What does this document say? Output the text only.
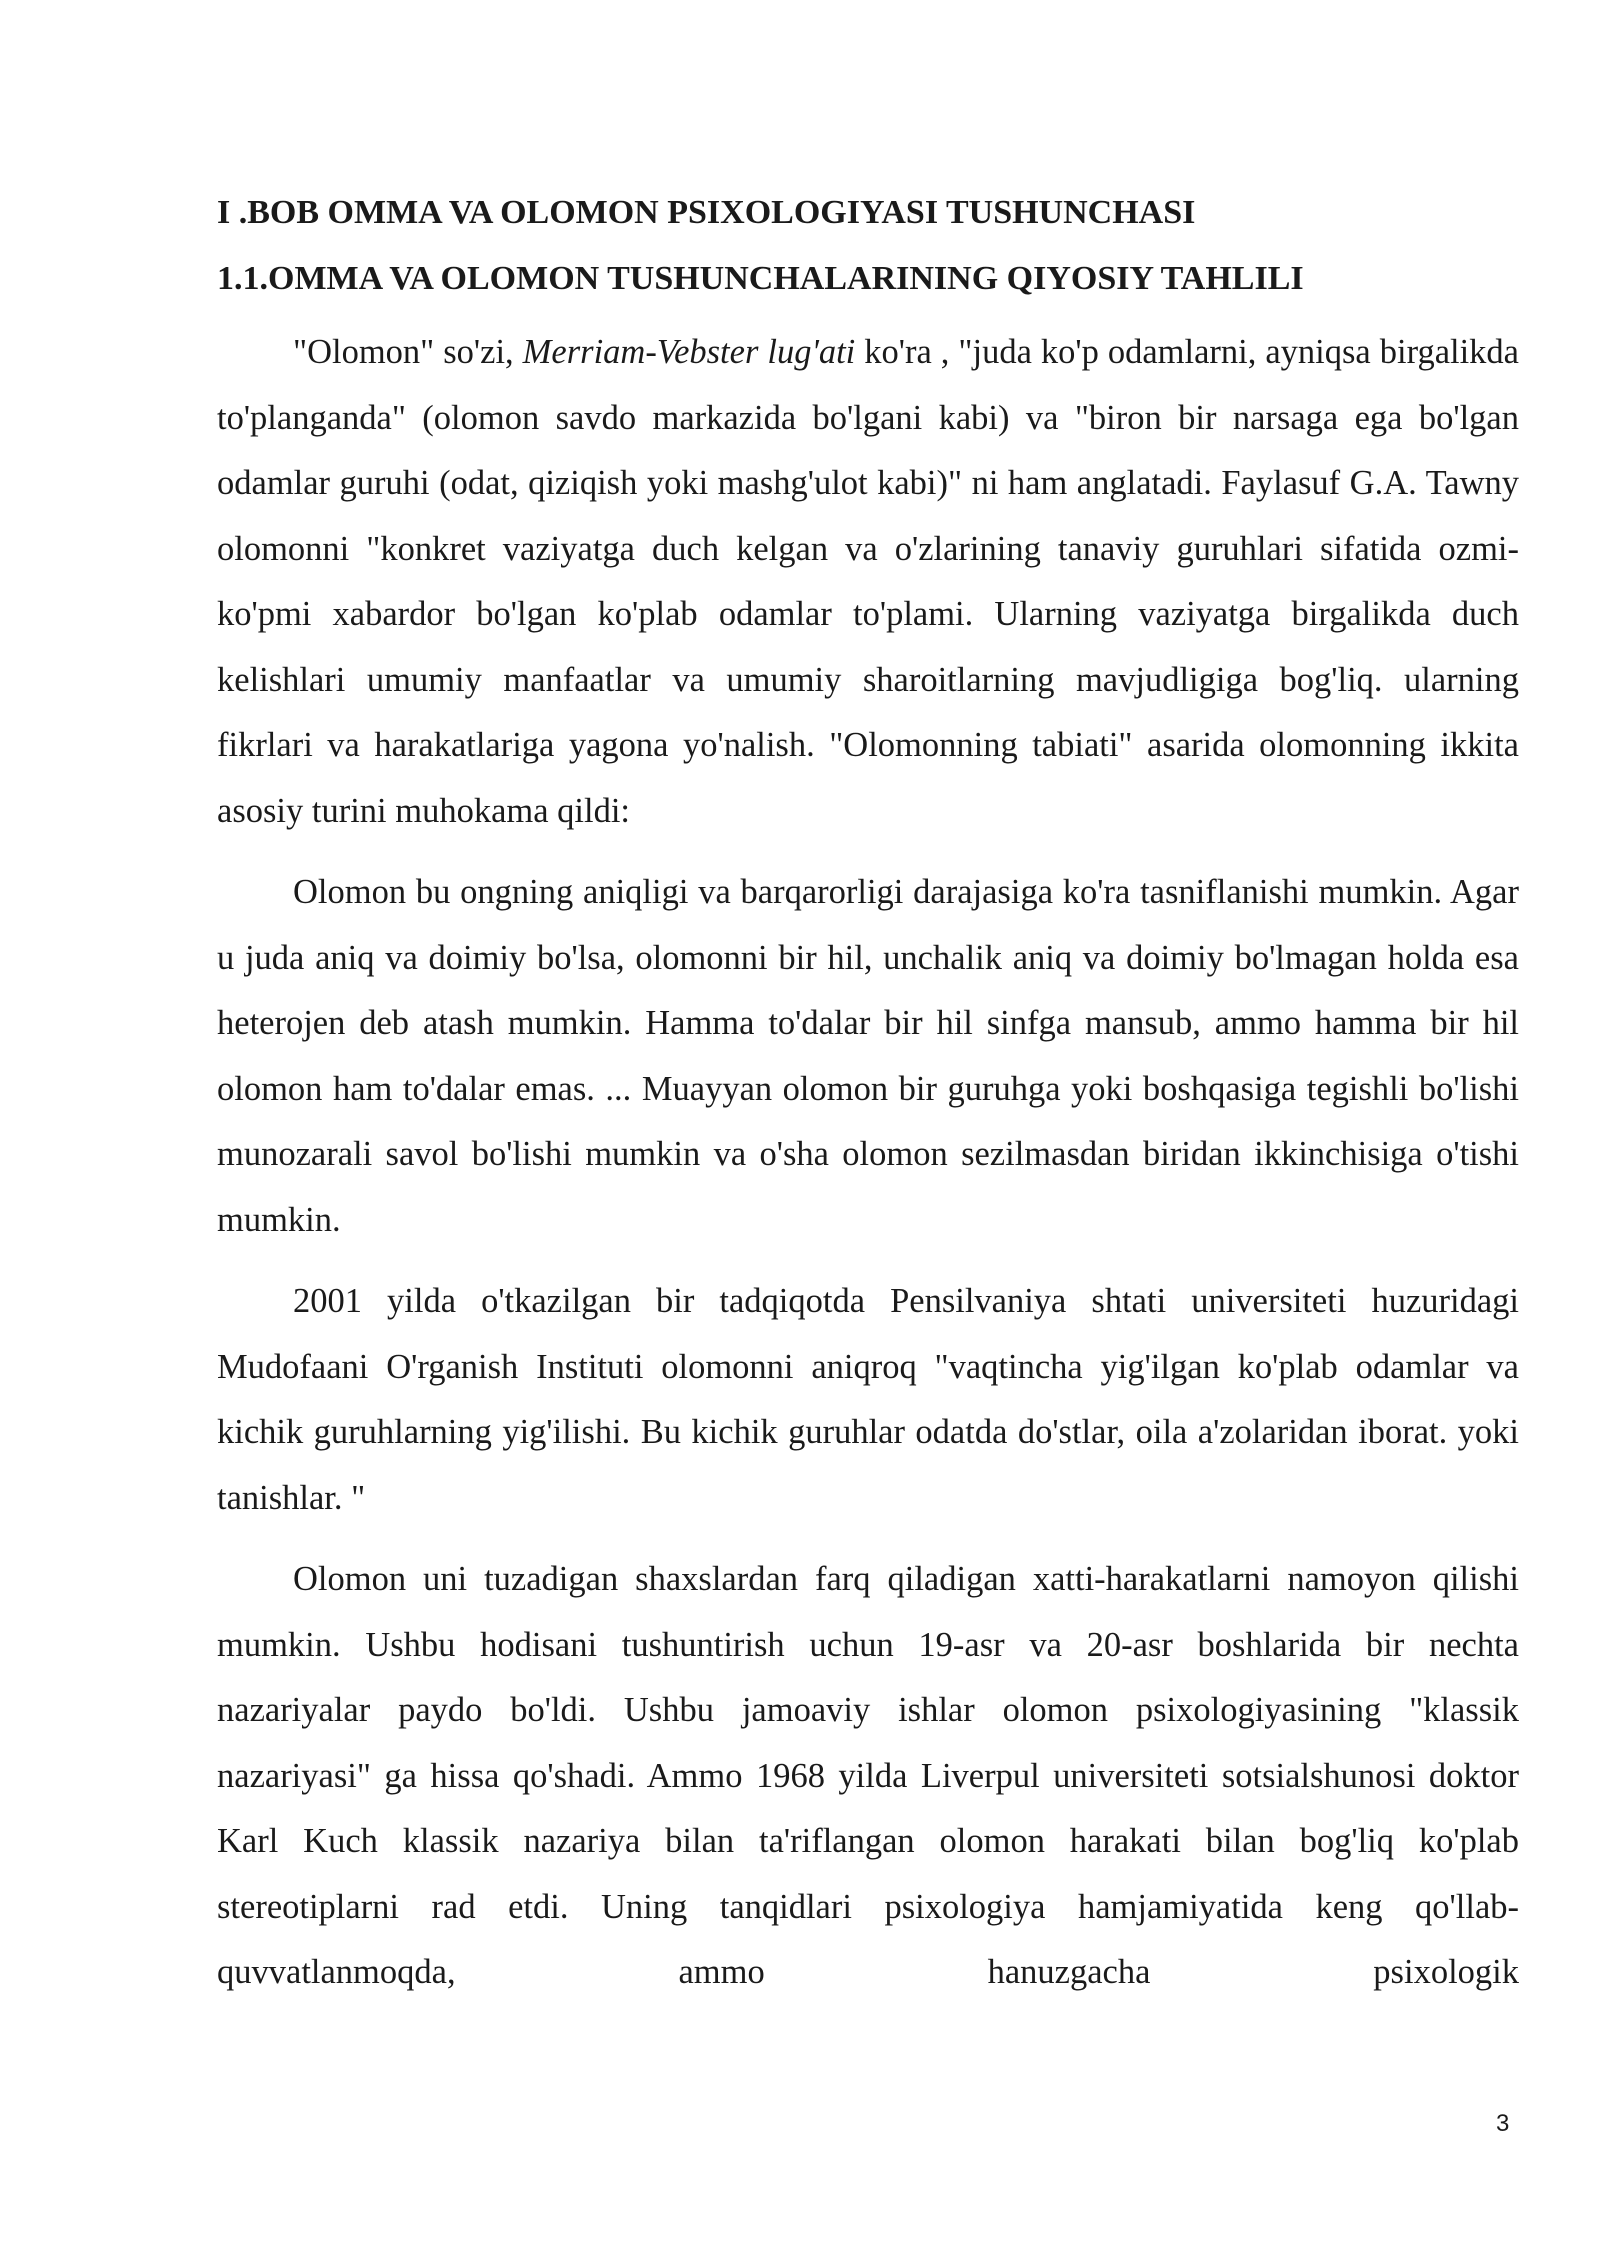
I .BOB OMMA VA OLOMON PSIXOLOGIYASI TUSHUNCHASI
1.1.OMMA VA OLOMON TUSHUNCHALARINING QIYOSIY TAHLILI

"Olomon" so'zi, Merriam-Vebster lug'ati ko'ra , "juda ko'p odamlarni, ayniqsa birgalikda to'planganda" (olomon savdo markazida bo'lgani kabi) va "biron bir narsaga ega bo'lgan odamlar guruhi (odat, qiziqish yoki mashg'ulot kabi)" ni ham anglatadi. Faylasuf G.A. Tawny olomonni "konkret vaziyatga duch kelgan va o'zlarining tanaviy guruhlari sifatida ozmi-ko'pmi xabardor bo'lgan ko'plab odamlar to'plami. Ularning vaziyatga birgalikda duch kelishlari umumiy manfaatlar va umumiy sharoitlarning mavjudligiga bog'liq. ularning fikrlari va harakatlariga yagona yo'nalish. "Olomonning tabiati" asarida olomonning ikkita asosiy turini muhokama qildi:

Olomon bu ongning aniqligi va barqarorligi darajasiga ko'ra tasniflanishi mumkin. Agar u juda aniq va doimiy bo'lsa, olomonni bir hil, unchalik aniq va doimiy bo'lmagan holda esa heterojen deb atash mumkin. Hamma to'dalar bir hil sinfga mansub, ammo hamma bir hil olomon ham to'dalar emas. ... Muayyan olomon bir guruhga yoki boshqasiga tegishli bo'lishi munozarali savol bo'lishi mumkin va o'sha olomon sezilmasdan biridan ikkinchisiga o'tishi mumkin.

2001 yilda o'tkazilgan bir tadqiqotda Pensilvaniya shtati universiteti huzuridagi Mudofaani O'rganish Instituti olomonni aniqroq "vaqtincha yig'ilgan ko'plab odamlar va kichik guruhlarning yig'ilishi. Bu kichik guruhlar odatda do'stlar, oila a'zolaridan iborat. yoki tanishlar. "

Olomon uni tuzadigan shaxslardan farq qiladigan xatti-harakatlarni namoyon qilishi mumkin. Ushbu hodisani tushuntirish uchun 19-asr va 20-asr boshlarida bir nechta nazariyalar paydo bo'ldi. Ushbu jamoaviy ishlar olomon psixologiyasining "klassik nazariyasi" ga hissa qo'shadi. Ammo 1968 yilda Liverpul universiteti sotsialshunosi doktor Karl Kuch klassik nazariya bilan ta'riflangan olomon harakati bilan bog'liq ko'plab stereotiplarni rad etdi. Uning tanqidlari psixologiya hamjamiyatida keng qo'llab-quvvatlanmoqda, ammo hanuzgacha psixologik

3
